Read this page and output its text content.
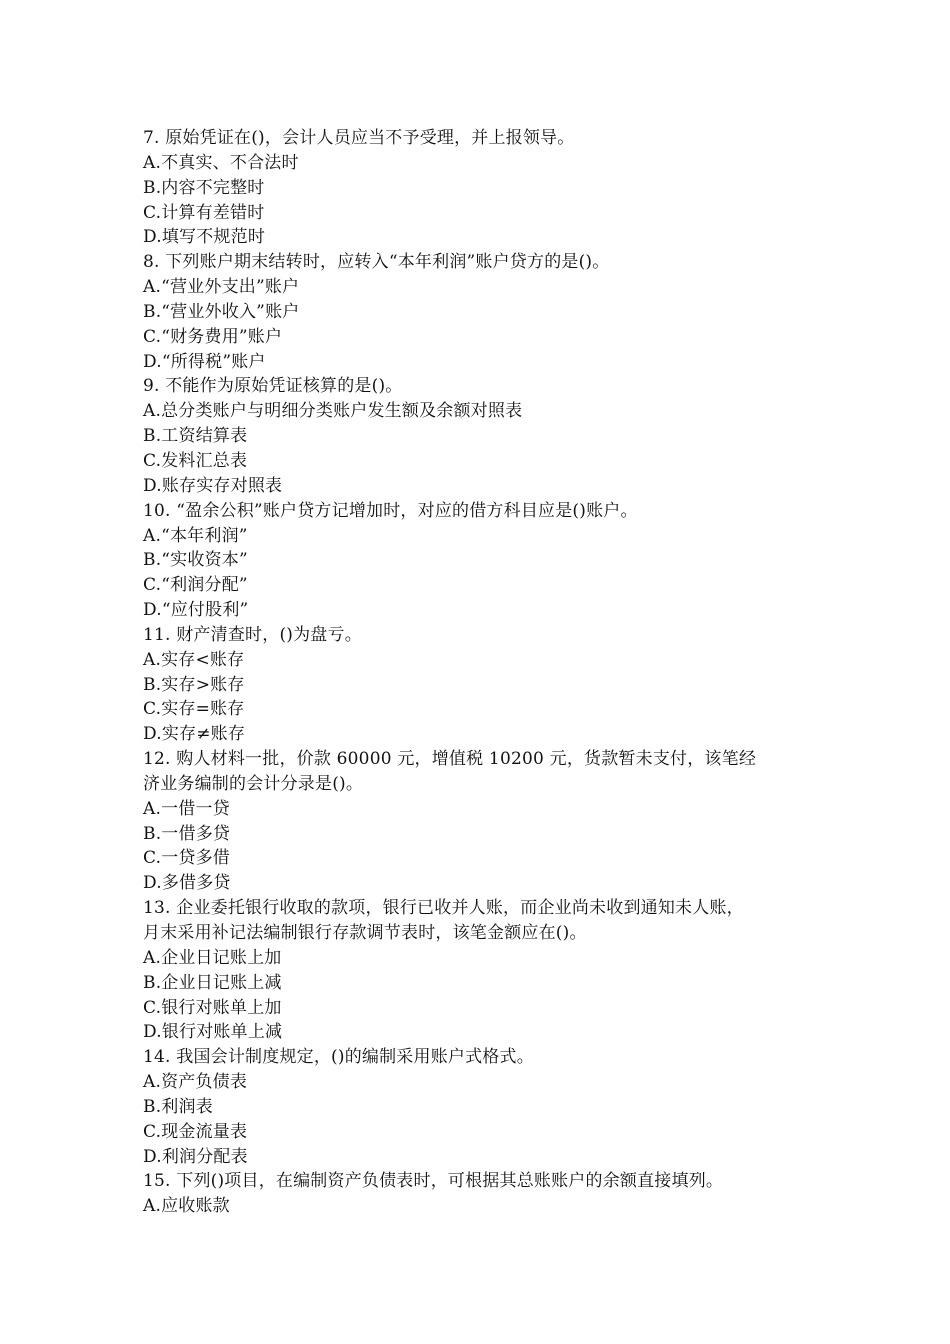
7. 原始凭证在()，会计人员应当不予受理，并上报领导。
A.不真实、不合法时
B.内容不完整时
C.计算有差错时
D.填写不规范时
8. 下列账户期末结转时，应转入“本年利润”账户贷方的是()。
A.“营业外支出”账户
B.“营业外收入”账户
C.“财务费用”账户
D.“所得税”账户
9. 不能作为原始凭证核算的是()。
A.总分类账户与明细分类账户发生额及余额对照表
B.工资结算表
C.发料汇总表
D.账存实存对照表
10. “盈余公积”账户贷方记增加时，对应的借方科目应是()账户。
A.“本年利润”
B.“实收资本”
C.“利润分配”
D.“应付股利”
11. 财产清查时，()为盘亏。
A.实存<账存
B.实存>账存
C.实存=账存
D.实存≠账存
12. 购人材料一批，价款 60000 元，增值税 10200 元，货款暂未支付，该笔经
济业务编制的会计分录是()。
A.一借一贷
B.一借多贷
C.一贷多借
D.多借多贷
13. 企业委托银行收取的款项，银行已收并人账，而企业尚未收到通知未人账，
月末采用补记法编制银行存款调节表时，该笔金额应在()。
A.企业日记账上加
B.企业日记账上减
C.银行对账单上加
D.银行对账单上减
14. 我国会计制度规定，()的编制采用账户式格式。
A.资产负债表
B.利润表
C.现金流量表
D.利润分配表
15. 下列()项目，在编制资产负债表时，可根据其总账账户的余额直接填列。
A.应收账款
